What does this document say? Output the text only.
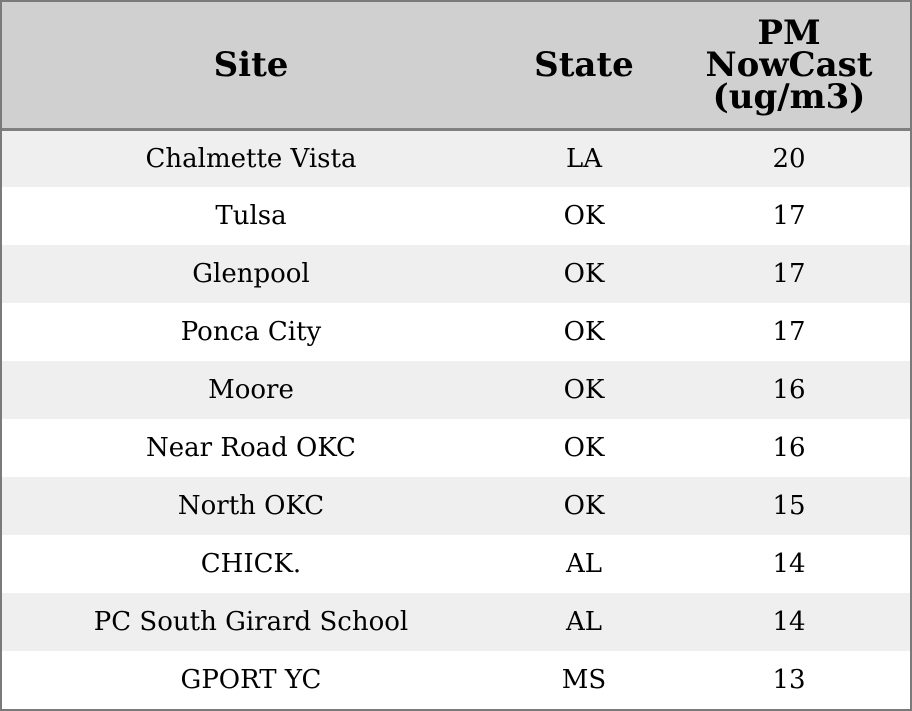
Site	State	PM
NowCast
(ug/m3)

Chalmette Vista	LA	20
Tulsa	OK	17
Glenpool	OK	17
Ponca City	OK	17
Moore	OK	16
Near Road OKC	OK	16
North OKC	OK	15
CHICK.	AL	14
PC South Girard School	AL	14
GPORT YC	MS	13
